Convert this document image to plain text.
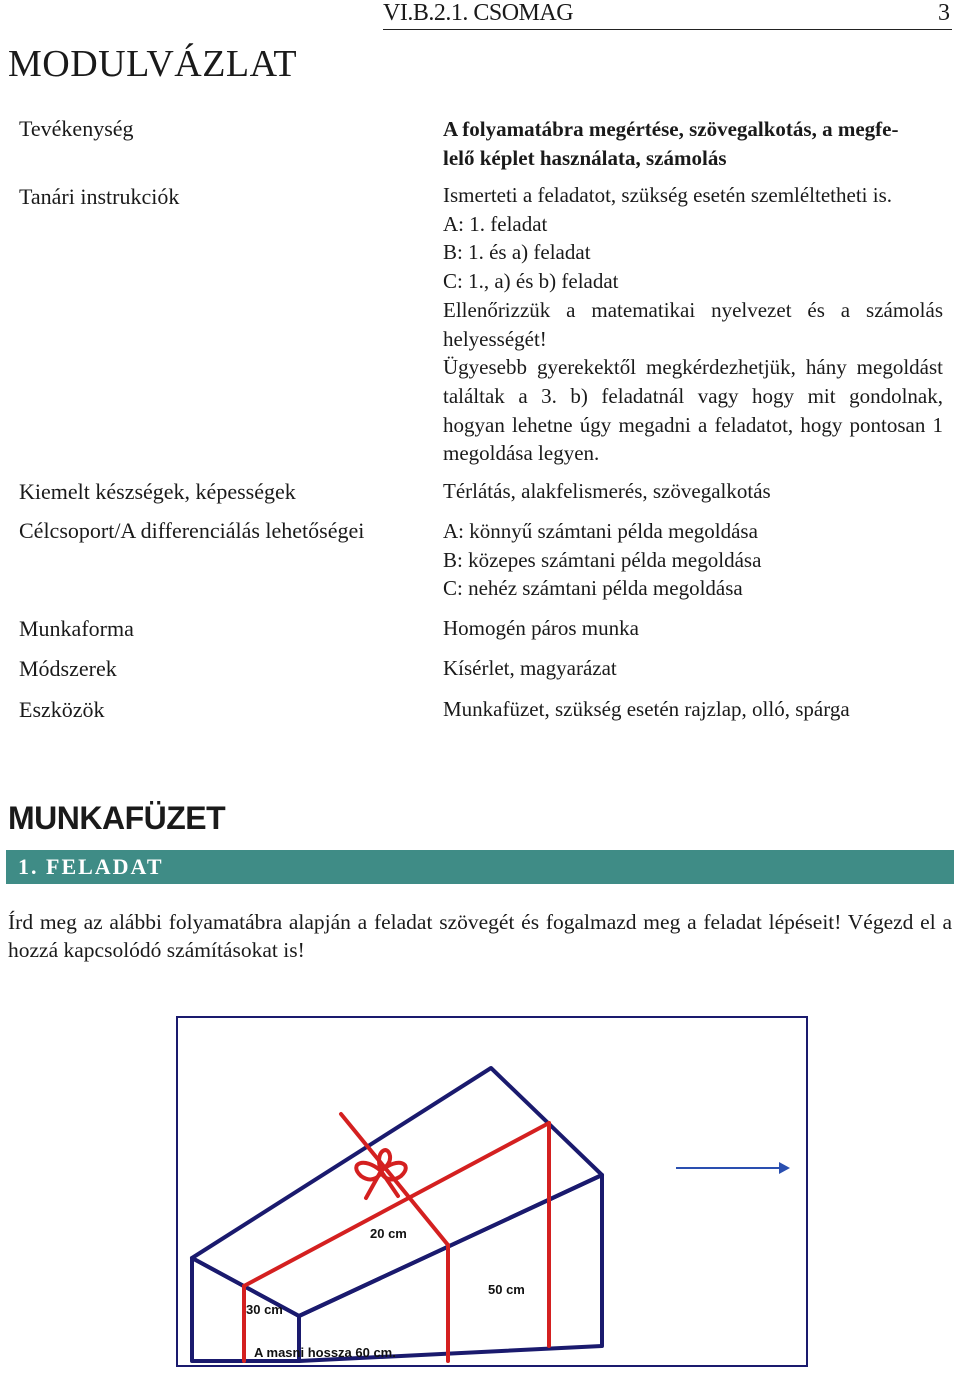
VI.B.2.1. CSOMAG	3
MODULVÁZLAT
Tevékenység	A folyamatábra megértése, szövegalkotás, a megfe-
lelő képlet használata, számolás
Tanári instrukciók	Ismerteti a feladatot, szükség esetén szemléltetheti is.
A: 1. feladat
B: 1. és a) feladat
C: 1., a) és b) feladat
Ellenőrizzük a matematikai nyelvezet és a számolás helyességét!
Ügyesebb gyerekektől megkérdezhetjük, hány megoldást találtak a 3. b) feladatnál vagy hogy mit gondolnak, hogyan lehetne úgy megadni a feladatot, hogy pontosan 1 megoldása legyen.
Kiemelt készségek, képességek	Térlátás, alakfelismerés, szövegalkotás
Célcsoport/A differenciálás lehetőségei	A: könnyű számtani példa megoldása
B: közepes számtani példa megoldása
C: nehéz számtani példa megoldása
Munkaforma	Homogén páros munka
Módszerek	Kísérlet, magyarázat
Eszközök	Munkafüzet, szükség esetén rajzlap, olló, spárga
MUNKAFÜZET
1. FELADAT
Írd meg az alábbi folyamatábra alapján a feladat szövegét és fogalmazd meg a feladat lépéseit! Végezd el a hozzá kapcsolódó számításokat is!
20 cm
30 cm
50 cm
A masni hossza 60 cm.
